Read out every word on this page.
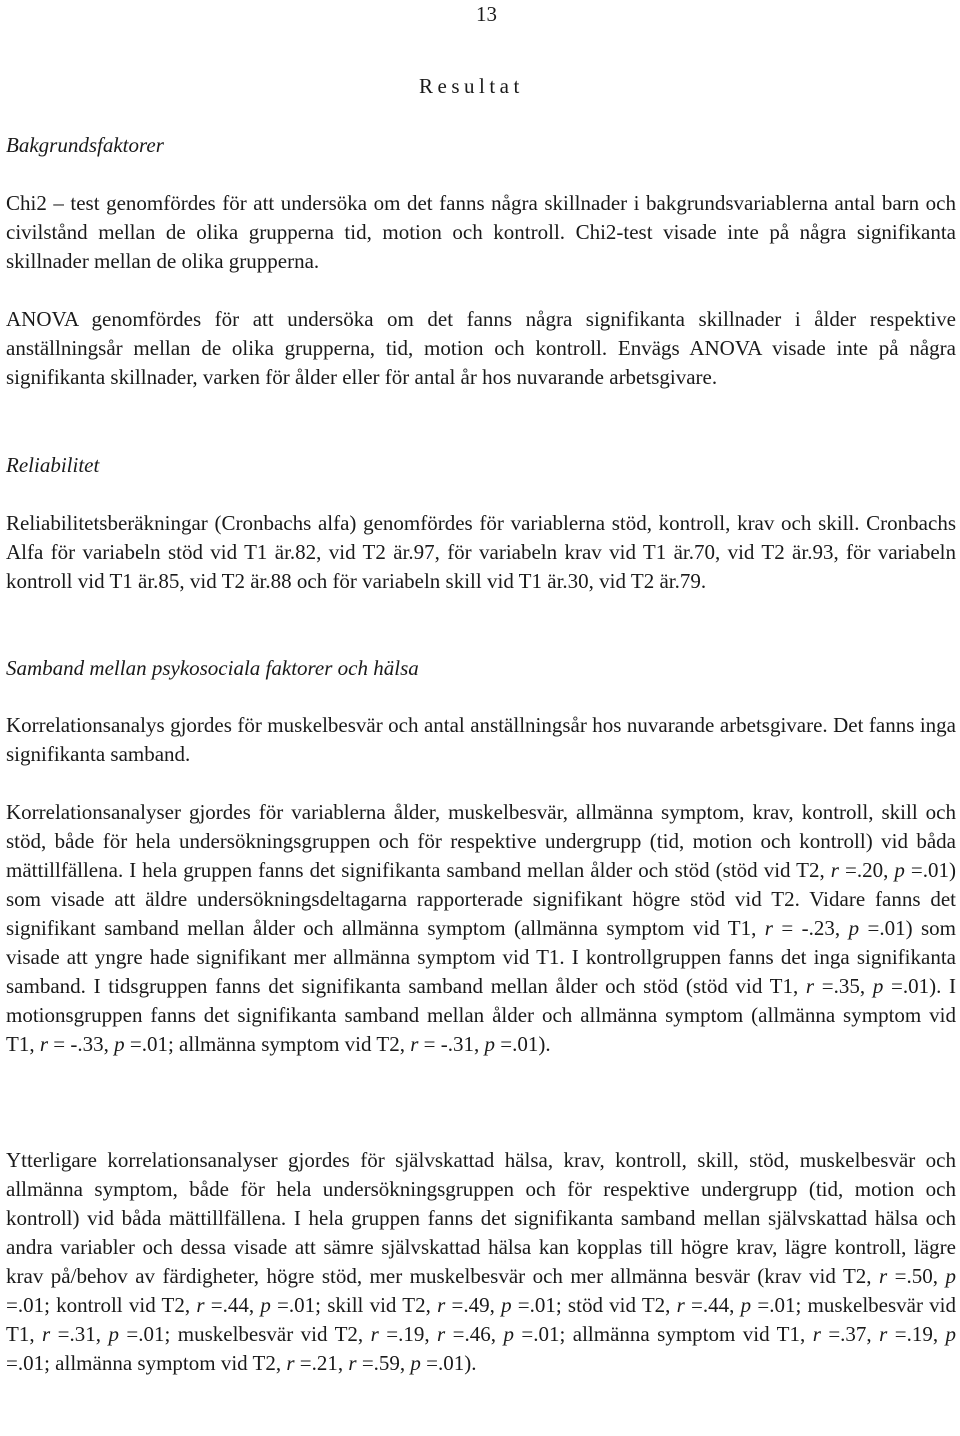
13
Resultat
Bakgrundsfaktorer

Chi2 – test genomfördes för att undersöka om det fanns några skillnader i bakgrundsvariablerna antal barn och civilstånd mellan de olika grupperna tid, motion och kontroll. Chi2-test visade inte på några signifikanta skillnader mellan de olika grupperna.

ANOVA genomfördes för att undersöka om det fanns några signifikanta skillnader i ålder respektive anställningsår mellan de olika grupperna, tid, motion och kontroll. Envägs ANOVA visade inte på några signifikanta skillnader, varken för ålder eller för antal år hos nuvarande arbetsgivare.

Reliabilitet

Reliabilitetsberäkningar (Cronbachs alfa) genomfördes för variablerna stöd, kontroll, krav och skill. Cronbachs Alfa för variabeln stöd vid T1 är.82, vid T2 är.97, för variabeln krav vid T1 är.70, vid T2 är.93, för variabeln kontroll vid T1 är.85, vid T2 är.88 och för variabeln skill vid T1 är.30, vid T2 är.79.

Samband mellan psykosociala faktorer och hälsa

Korrelationsanalys gjordes för muskelbesvär och antal anställningsår hos nuvarande arbetsgivare. Det fanns inga signifikanta samband.

Korrelationsanalyser gjordes för variablerna ålder, muskelbesvär, allmänna symptom, krav, kontroll, skill och stöd, både för hela undersökningsgruppen och för respektive undergrupp (tid, motion och kontroll) vid båda mättillfällena. I hela gruppen fanns det signifikanta samband mellan ålder och stöd (stöd vid T2, r =.20, p =.01) som visade att äldre undersökningsdeltagarna rapporterade signifikant högre stöd vid T2. Vidare fanns det signifikant samband mellan ålder och allmänna symptom (allmänna symptom vid T1, r = -.23, p =.01) som visade att yngre hade signifikant mer allmänna symptom vid T1. I kontrollgruppen fanns det inga signifikanta samband. I tidsgruppen fanns det signifikanta samband mellan ålder och stöd (stöd vid T1, r =.35, p =.01). I motionsgruppen fanns det signifikanta samband mellan ålder och allmänna symptom (allmänna symptom vid T1, r = -.33, p =.01; allmänna symptom vid T2, r = -.31, p =.01).

Ytterligare korrelationsanalyser gjordes för självskattad hälsa, krav, kontroll, skill, stöd, muskelbesvär och allmänna symptom, både för hela undersökningsgruppen och för respektive undergrupp (tid, motion och kontroll) vid båda mättillfällena. I hela gruppen fanns det signifikanta samband mellan självskattad hälsa och andra variabler och dessa visade att sämre självskattad hälsa kan kopplas till högre krav, lägre kontroll, lägre krav på/behov av färdigheter, högre stöd, mer muskelbesvär och mer allmänna besvär (krav vid T2, r =.50, p =.01; kontroll vid T2, r =.44, p =.01; skill vid T2, r =.49, p =.01; stöd vid T2, r =.44, p =.01; muskelbesvär vid T1, r =.31, p =.01; muskelbesvär vid T2, r =.19, r =.46, p =.01; allmänna symptom vid T1, r =.37, r =.19, p =.01; allmänna symptom vid T2, r =.21, r =.59, p =.01).
